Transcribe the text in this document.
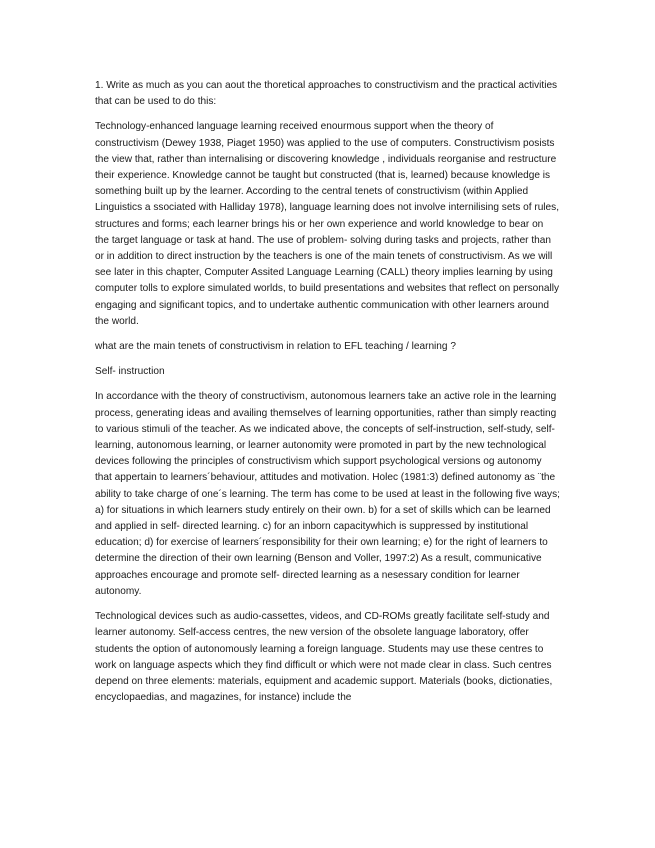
1. Write as much as you can aout the thoretical approaches to constructivism and the practical activities that can be used to do this:

Technology-enhanced language learning received enourmous support when the theory of constructivism (Dewey 1938, Piaget 1950) was applied to the use of computers. Constructivism posists the view that, rather than internalising or discovering knowledge , individuals reorganise and restructure their experience. Knowledge cannot be taught but constructed (that is, learned) because knowledge is something built up by the learner. According to the central tenets of constructivism (within Applied Linguistics a ssociated with Halliday 1978), language learning does not involve internilising sets of rules, structures and forms; each learner brings his or her own experience and world knowledge to bear on the target language or task at hand. The use of problem- solving during tasks and projects, rather than or in addition to direct instruction by the teachers is one of the main tenets of constructivism. As we will see later in this chapter, Computer Assited Language Learning (CALL) theory implies learning by using computer tolls to explore simulated worlds, to build presentations and websites that reflect on personally engaging and significant topics, and to undertake authentic communication with other learners around the world.

what are the main tenets of constructivism in relation to EFL teaching / learning ?

Self- instruction

In accordance with the theory of constructivism, autonomous learners take an active role in the learning process, generating ideas and availing themselves of learning opportunities, rather than simply reacting to various stimuli of the teacher. As we indicated above, the concepts of self-instruction, self-study, self- learning, autonomous learning, or learner autonomity were promoted in part by the new technological devices following the principles of constructivism which support psychological versions og autonomy that appertain to learners´behaviour, attitudes and motivation. Holec (1981:3) defined autonomy as ¨the ability to take charge of one´s learning. The term has come to be used at least in the following five ways; a) for situations in which learners study entirely on their own. b) for a set of skills which can be learned and applied in self- directed learning. c) for an inborn capacitywhich is suppressed by institutional education; d) for exercise of learners´responsibility for their own learning; e) for the right of learners to determine the direction of their own learning (Benson and Voller, 1997:2) As a result, communicative approaches encourage and promote self- directed learning as a nesessary condition for learner autonomy.

Technological devices such as audio-cassettes, videos, and CD-ROMs greatly facilitate self-study and learner autonomy. Self-access centres, the new version of the obsolete language laboratory, offer students the option of autonomously learning a foreign language. Students may use these centres to work on language aspects which they find difficult or which were not made clear in class. Such centres depend on three elements: materials, equipment and academic support. Materials (books, dictionaties, encyclopaedias, and magazines, for instance) include the
